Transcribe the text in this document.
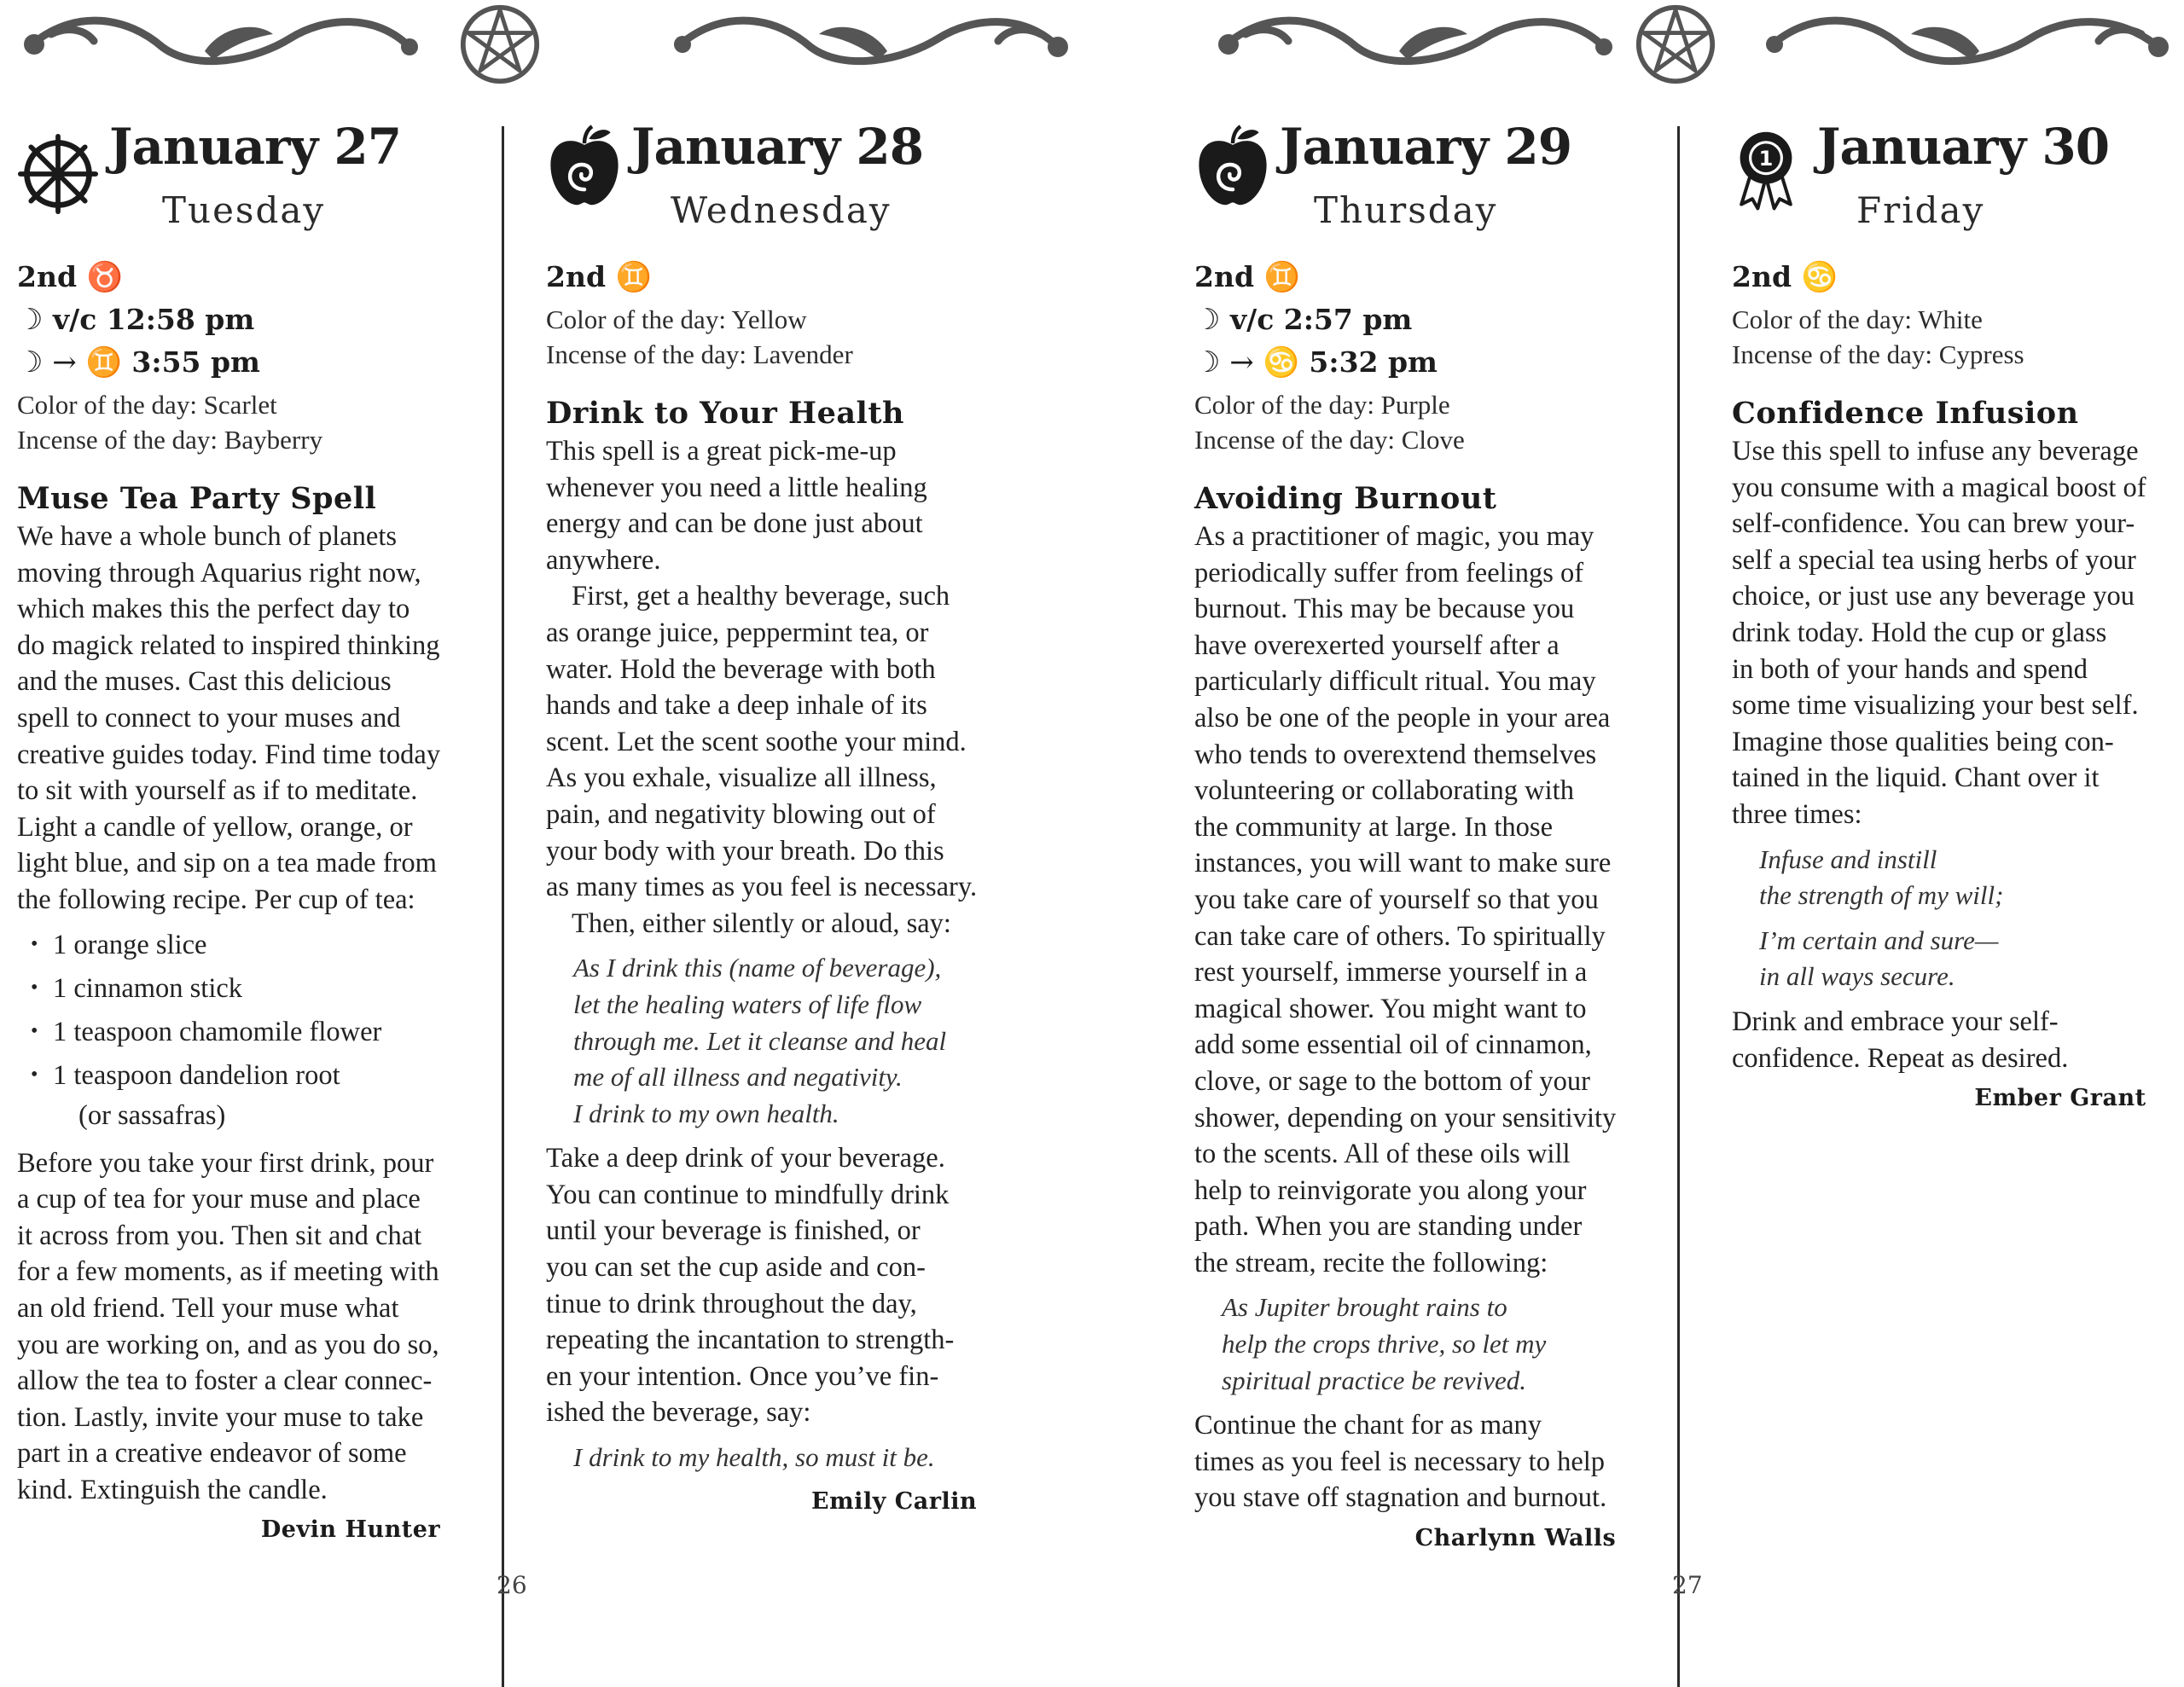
January 27
Tuesday
2nd ♉
☽ v/c 12:58 pm
☽ → ♊ 3:55 pm
Color of the day: Scarlet
Incense of the day: Bayberry
Muse Tea Party Spell
We have a whole bunch of planets
moving through Aquarius right now,
which makes this the perfect day to
do magick related to inspired thinking
and the muses. Cast this delicious
spell to connect to your muses and
creative guides today. Find time today
to sit with yourself as if to meditate.
Light a candle of yellow, orange, or
light blue, and sip on a tea made from
the following recipe. Per cup of tea:
• 1 orange slice
• 1 cinnamon stick
• 1 teaspoon chamomile flower
• 1 teaspoon dandelion root
(or sassafras)
Before you take your first drink, pour
a cup of tea for your muse and place
it across from you. Then sit and chat
for a few moments, as if meeting with
an old friend. Tell your muse what
you are working on, and as you do so,
allow the tea to foster a clear connec-
tion. Lastly, invite your muse to take
part in a creative endeavor of some
kind. Extinguish the candle.
Devin Hunter
January 28
Wednesday
2nd ♊
Color of the day: Yellow
Incense of the day: Lavender
Drink to Your Health
This spell is a great pick-me-up
whenever you need a little healing
energy and can be done just about
anywhere.
First, get a healthy beverage, such
as orange juice, peppermint tea, or
water. Hold the beverage with both
hands and take a deep inhale of its
scent. Let the scent soothe your mind.
As you exhale, visualize all illness,
pain, and negativity blowing out of
your body with your breath. Do this
as many times as you feel is necessary.
Then, either silently or aloud, say:
As I drink this (name of beverage),
let the healing waters of life flow
through me. Let it cleanse and heal
me of all illness and negativity.
I drink to my own health.
Take a deep drink of your beverage.
You can continue to mindfully drink
until your beverage is finished, or
you can set the cup aside and con-
tinue to drink throughout the day,
repeating the incantation to strength-
en your intention. Once you’ve fin-
ished the beverage, say:
I drink to my health, so must it be.
Emily Carlin
26
January 29
Thursday
2nd ♊
☽ v/c 2:57 pm
☽ → ♋ 5:32 pm
Color of the day: Purple
Incense of the day: Clove
Avoiding Burnout
As a practitioner of magic, you may
periodically suffer from feelings of
burnout. This may be because you
have overexerted yourself after a
particularly difficult ritual. You may
also be one of the people in your area
who tends to overextend themselves
volunteering or collaborating with
the community at large. In those
instances, you will want to make sure
you take care of yourself so that you
can take care of others. To spiritually
rest yourself, immerse yourself in a
magical shower. You might want to
add some essential oil of cinnamon,
clove, or sage to the bottom of your
shower, depending on your sensitivity
to the scents. All of these oils will
help to reinvigorate you along your
path. When you are standing under
the stream, recite the following:
As Jupiter brought rains to
help the crops thrive, so let my
spiritual practice be revived.
Continue the chant for as many
times as you feel is necessary to help
you stave off stagnation and burnout.
Charlynn Walls
1 January 30
Friday
2nd ♋
Color of the day: White
Incense of the day: Cypress
Confidence Infusion
Use this spell to infuse any beverage
you consume with a magical boost of
self-confidence. You can brew your-
self a special tea using herbs of your
choice, or just use any beverage you
drink today. Hold the cup or glass
in both of your hands and spend
some time visualizing your best self.
Imagine those qualities being con-
tained in the liquid. Chant over it
three times:
Infuse and instill
the strength of my will;
I’m certain and sure—
in all ways secure.
Drink and embrace your self-
confidence. Repeat as desired.
Ember Grant
27
